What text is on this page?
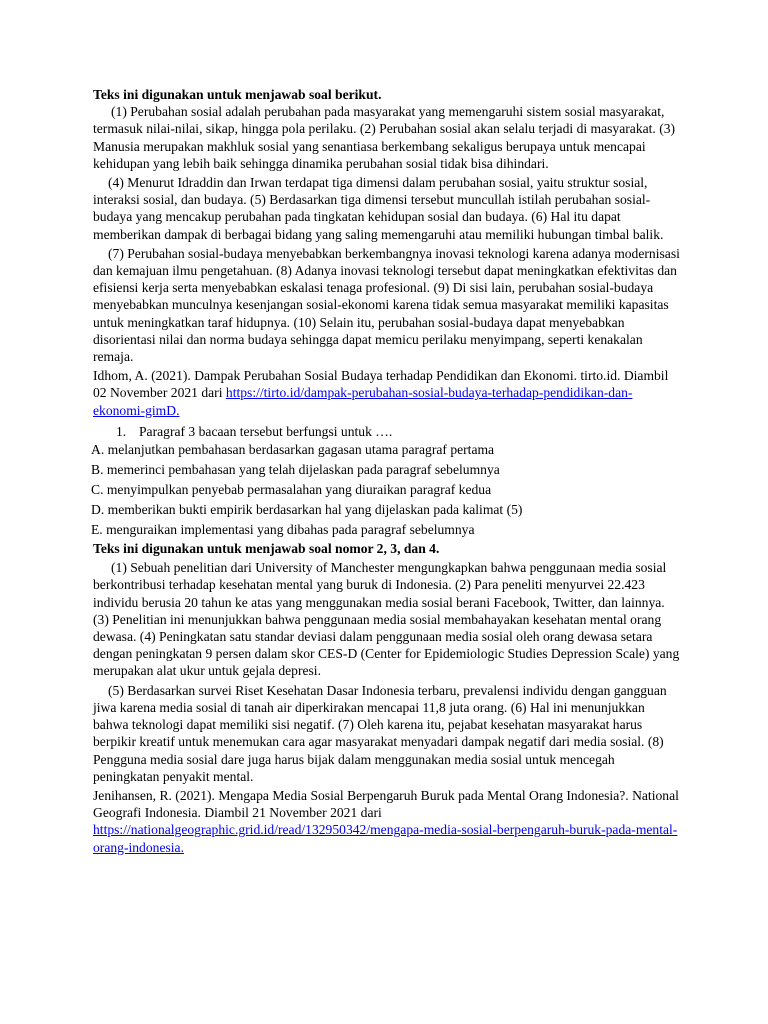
Teks ini digunakan untuk menjawab soal berikut.

(1) Perubahan sosial adalah perubahan pada masyarakat yang memengaruhi sistem sosial masyarakat, termasuk nilai-nilai, sikap, hingga pola perilaku. (2) Perubahan sosial akan selalu terjadi di masyarakat. (3) Manusia merupakan makhluk sosial yang senantiasa berkembang sekaligus berupaya untuk mencapai kehidupan yang lebih baik sehingga dinamika perubahan sosial tidak bisa dihindari.

(4) Menurut Idraddin dan Irwan terdapat tiga dimensi dalam perubahan sosial, yaitu struktur sosial, interaksi sosial, dan budaya. (5) Berdasarkan tiga dimensi tersebut muncullah istilah perubahan sosial-budaya yang mencakup perubahan pada tingkatan kehidupan sosial dan budaya. (6) Hal itu dapat memberikan dampak di berbagai bidang yang saling memengaruhi atau memiliki hubungan timbal balik.

(7) Perubahan sosial-budaya menyebabkan berkembangnya inovasi teknologi karena adanya modernisasi dan kemajuan ilmu pengetahuan. (8) Adanya inovasi teknologi tersebut dapat meningkatkan efektivitas dan efisiensi kerja serta menyebabkan eskalasi tenaga profesional. (9) Di sisi lain, perubahan sosial-budaya menyebabkan munculnya kesenjangan sosial-ekonomi karena tidak semua masyarakat memiliki kapasitas untuk meningkatkan taraf hidupnya. (10) Selain itu, perubahan sosial-budaya dapat menyebabkan disorientasi nilai dan norma budaya sehingga dapat memicu perilaku menyimpang, seperti kenakalan remaja.

Idhom, A. (2021). Dampak Perubahan Sosial Budaya terhadap Pendidikan dan Ekonomi. tirto.id. Diambil 02 November 2021 dari https://tirto.id/dampak-perubahan-sosial-budaya-terhadap-pendidikan-dan-ekonomi-gimD.

1. Paragraf 3 bacaan tersebut berfungsi untuk ….

A. melanjutkan pembahasan berdasarkan gagasan utama paragraf pertama
B. memerinci pembahasan yang telah dijelaskan pada paragraf sebelumnya
C. menyimpulkan penyebab permasalahan yang diuraikan paragraf kedua
D. memberikan bukti empirik berdasarkan hal yang dijelaskan pada kalimat (5)
E. menguraikan implementasi yang dibahas pada paragraf sebelumnya

Teks ini digunakan untuk menjawab soal nomor 2, 3, dan 4.

(1) Sebuah penelitian dari University of Manchester mengungkapkan bahwa penggunaan media sosial berkontribusi terhadap kesehatan mental yang buruk di Indonesia. (2) Para peneliti menyurvei 22.423 individu berusia 20 tahun ke atas yang menggunakan media sosial berani Facebook, Twitter, dan lainnya. (3) Penelitian ini menunjukkan bahwa penggunaan media sosial membahayakan kesehatan mental orang dewasa. (4) Peningkatan satu standar deviasi dalam penggunaan media sosial oleh orang dewasa setara dengan peningkatan 9 persen dalam skor CES-D (Center for Epidemiologic Studies Depression Scale) yang merupakan alat ukur untuk gejala depresi.

(5) Berdasarkan survei Riset Kesehatan Dasar Indonesia terbaru, prevalensi individu dengan gangguan jiwa karena media sosial di tanah air diperkirakan mencapai 11,8 juta orang. (6) Hal ini menunjukkan bahwa teknologi dapat memiliki sisi negatif. (7) Oleh karena itu, pejabat kesehatan masyarakat harus berpikir kreatif untuk menemukan cara agar masyarakat menyadari dampak negatif dari media sosial. (8) Pengguna media sosial dare juga harus bijak dalam menggunakan media sosial untuk mencegah peningkatan penyakit mental.

Jenihansen, R. (2021). Mengapa Media Sosial Berpengaruh Buruk pada Mental Orang Indonesia?. National Geografi Indonesia. Diambil 21 November 2021 dari https://nationalgeographic.grid.id/read/132950342/mengapa-media-sosial-berpengaruh-buruk-pada-mental-orang-indonesia.
